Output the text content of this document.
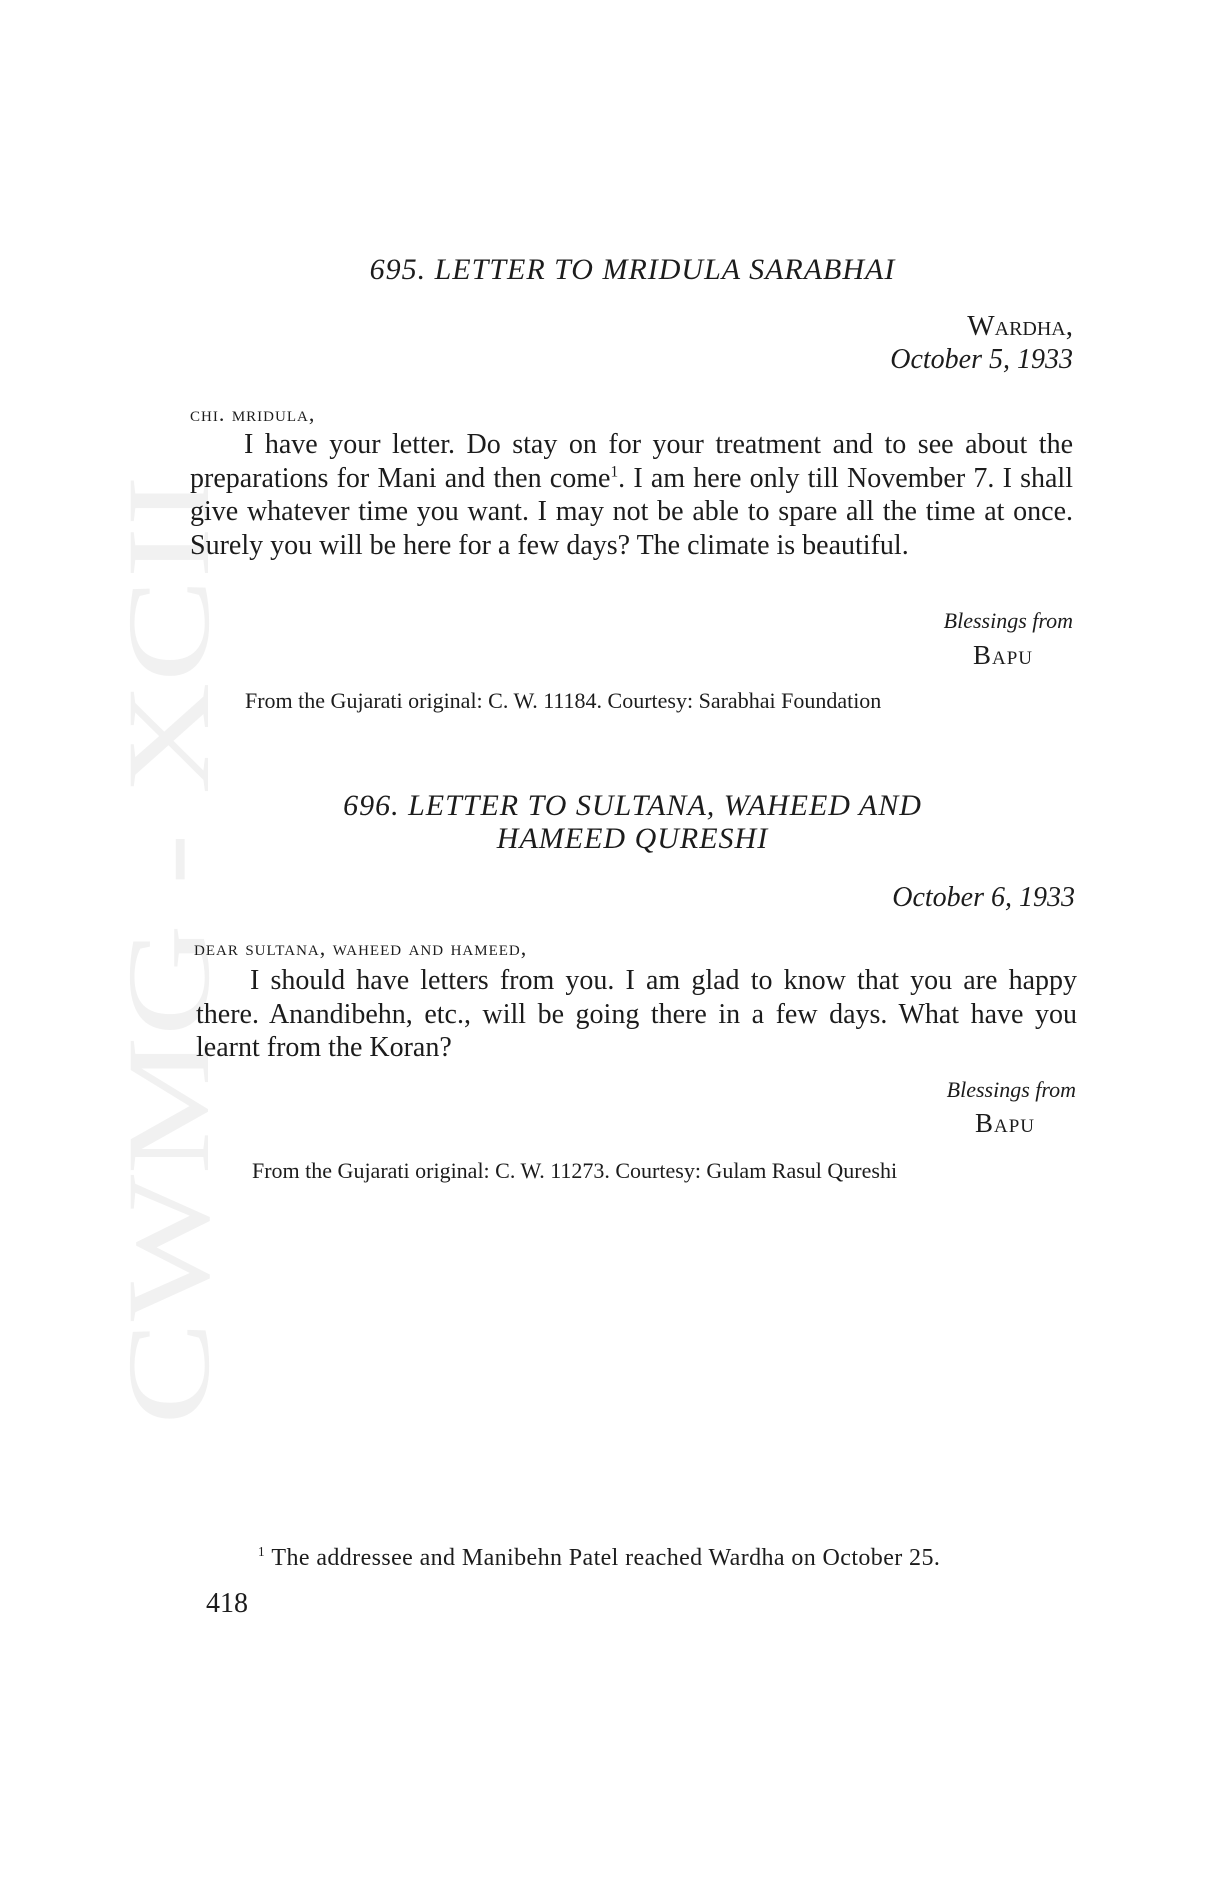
CWMG - XCII
695. LETTER TO MRIDULA SARABHAI
Wardha,
October 5, 1933
chi. mridula,
I have your letter. Do stay on for your treatment and to see about the preparations for Mani and then come$^1$. I am here only till November 7. I shall give whatever time you want. I may not be able to spare all the time at once. Surely you will be here for a few days? The climate is beautiful.
Blessings from
Bapu
From the Gujarati original: C. W. 11184. Courtesy: Sarabhai Foundation
696. LETTER TO SULTANA, WAHEED AND
HAMEED QURESHI
October 6, 1933
dear sultana, waheed and hameed,
I should have letters from you. I am glad to know that you are happy there. Anandibehn, etc., will be going there in a few days. What have you learnt from the Koran?
Blessings from
Bapu
From the Gujarati original: C. W. 11273. Courtesy: Gulam Rasul Qureshi
$^1$ The addressee and Manibehn Patel reached Wardha on October 25.
418
